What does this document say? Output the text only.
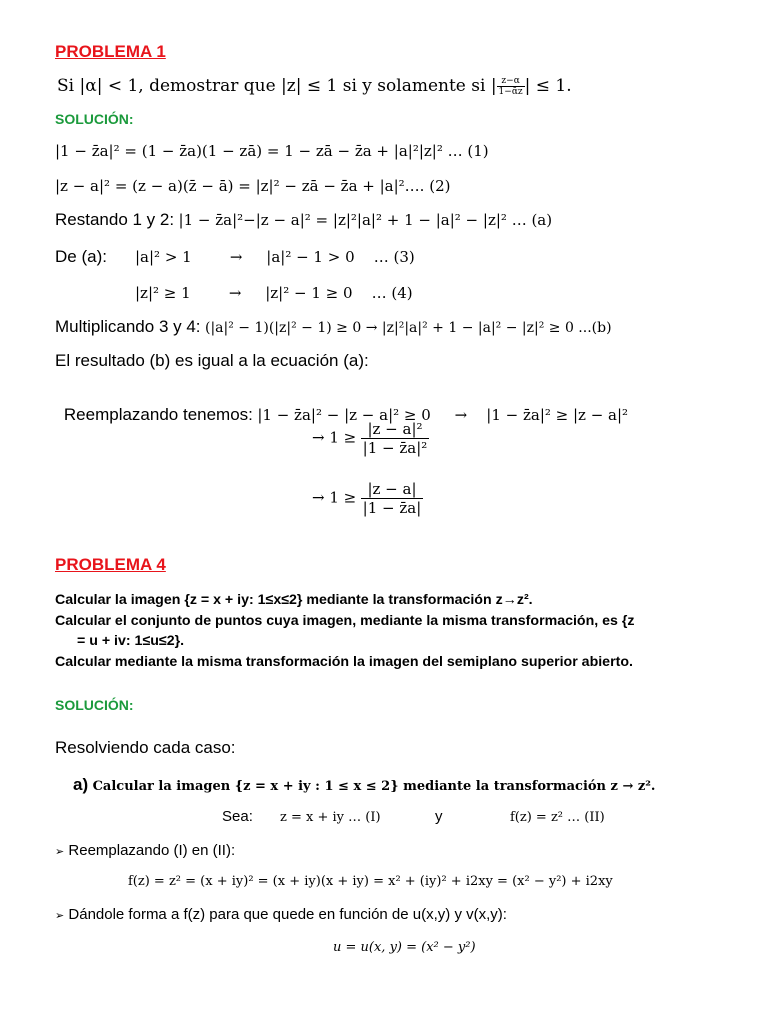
PROBLEMA 1
Si |α| < 1, demostrar que |z| ≤ 1 si y solamente si | $\frac{z-\alpha}{\text{1−ᾱz}}$ | ≤ 1.
SOLUCIÓN:
|1 − z̄a|² = (1 − z̄a)(1 − zā) = 1 − zā − z̄a + |a|²|z|² … (1)
|z − a|² = (z − a)(z̄ − ā) = |z|² − zā − z̄a + |a|²…. (2)
Restando 1 y 2: |1 − z̄a|²−|z − a|² = |z|²|a|² + 1 − |a|² − |z|² … (a)
De (a): |a|² > 1        →     |a|² − 1 > 0    … (3)
|z|² ≥ 1        →     |z|² − 1 ≥ 0    … (4)
Multiplicando 3 y 4: (|a|² − 1)(|z|² − 1) ≥ 0 → |z|²|a|² + 1 − |a|² − |z|² ≥ 0 ...(b)
El resultado (b) es igual a la ecuación (a):

Reemplazando tenemos: |1 − z̄a|² − |z − a|² ≥ 0     →    |1 − z̄a|² ≥ |z − a|²

→ $1 \ge \frac{\text{|z − a|²}}{\text{|1 − z̄a|²}}$
→ $1 \ge \frac{|z - a|}{|1 - z̄a|}$
PROBLEMA 4
Calcular la imagen {z = x + iy: 1≤x≤2} mediante la transformación z→z².
Calcular el conjunto de puntos cuya imagen, mediante la misma transformación, es {z
= u + iv: 1≤u≤2}.
Calcular mediante la misma transformación la imagen del semiplano superior abierto.
SOLUCIÓN:
Resolviendo cada caso:
a) Calcular la imagen {z = x + iy : 1 ≤ x ≤ 2} mediante la transformación z → z².
Sea: z = x + iy … (I)	y	f(z) = z² … (II)
➢ Reemplazando (I) en (II):
f(z) = z² = (x + iy)² = (x + iy)(x + iy) = x² + (iy)² + i2xy = (x² − y²) + i2xy
➢ Dándole forma a f(z) para que quede en función de u(x,y) y v(x,y):
u = u(x, y) = (x² − y²)
